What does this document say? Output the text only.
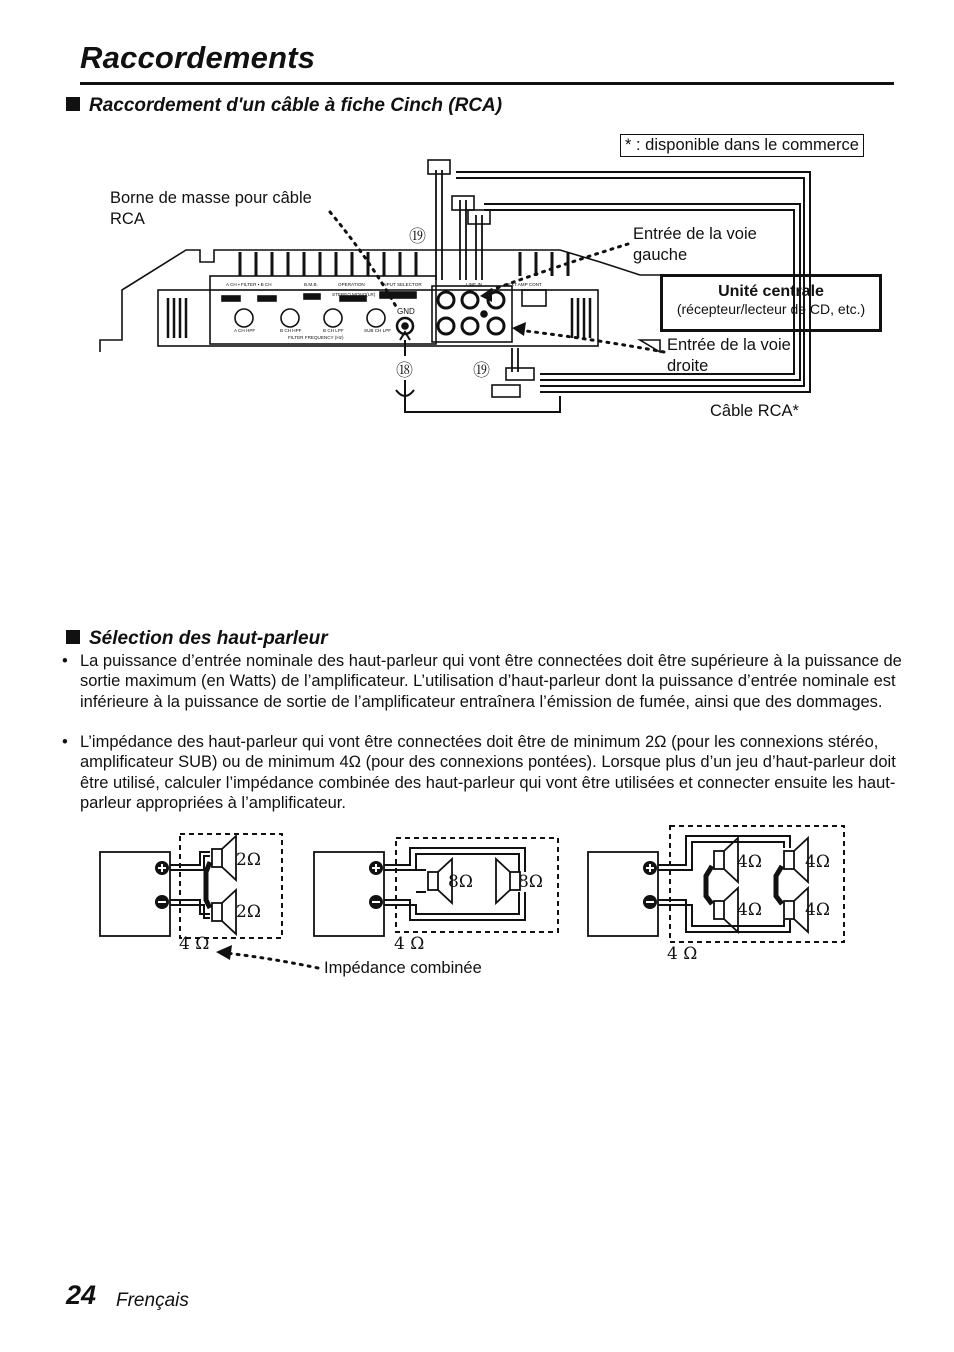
Raccordements
Raccordement d'un câble à fiche Cinch (RCA)
* : disponible dans le commerce
Borne de masse pour câble RCA
Entrée de la voie gauche
Entrée de la voie droite
Câble RCA*
Unité centrale
(récepteur/lecteur de CD, etc.)
⑲
⑱	⑲
A CH ▪ FILTER ▪ B CH	B.M.B.	OPERATION	INPUT SELECTOR	LINE IN	EXT.AMP CONT
STEREO MONO(LR)
A CH HPF	B CH HPF	B CH LPF	SUB CH LPF
FILTER FREQUENCY (Hz)
GND
Sélection des haut-parleur
• La puissance d’entrée nominale des haut-parleur qui vont être connectées doit être supérieure à la puissance de sortie maximum (en Watts) de l’amplificateur. L’utilisation d’haut-parleur dont la puissance d’entrée nominale est inférieure à la puissance de sortie de l’amplificateur entraînera l’émission de fumée, ainsi que des dommages.
• L’impédance des haut-parleur qui vont être connectées doit être de minimum 2Ω (pour les connexions stéréo, amplificateur SUB) ou de minimum 4Ω (pour des connexions pontées). Lorsque plus d’un jeu d’haut-parleur doit être utilisé, calculer l’impédance combinée des haut-parleur qui vont être utilisées et connecter ensuite les haut-parleur appropriées à l’amplificateur.
2Ω
2Ω
4 Ω
8Ω	8Ω
4 Ω
4Ω	4Ω
4Ω	4Ω
4 Ω
Impédance combinée
24 Frençais
